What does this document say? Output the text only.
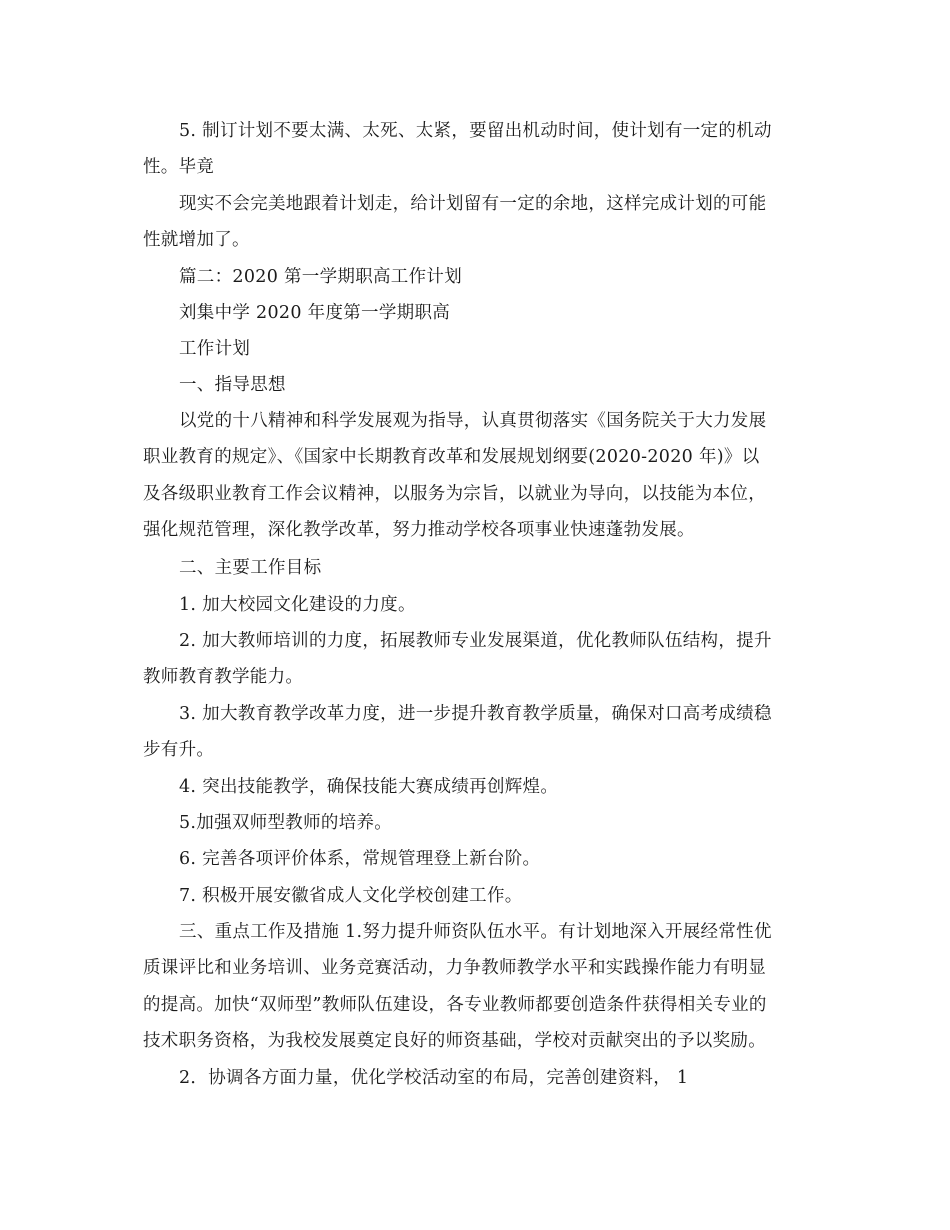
5. 制订计划不要太满、太死、太紧，要留出机动时间，使计划有一定的机动
性。毕竟
现实不会完美地跟着计划走，给计划留有一定的余地，这样完成计划的可能
性就增加了。
篇二：2020 第一学期职高工作计划
刘集中学 2020 年度第一学期职高
工作计划
一、指导思想
以党的十八精神和科学发展观为指导，认真贯彻落实《国务院关于大力发展
职业教育的规定》、《国家中长期教育改革和发展规划纲要(2020-2020 年)》以
及各级职业教育工作会议精神，以服务为宗旨，以就业为导向，以技能为本位，
强化规范管理，深化教学改革，努力推动学校各项事业快速蓬勃发展。
二、主要工作目标
1. 加大校园文化建设的力度。
2. 加大教师培训的力度，拓展教师专业发展渠道，优化教师队伍结构，提升
教师教育教学能力。
3. 加大教育教学改革力度，进一步提升教育教学质量，确保对口高考成绩稳
步有升。
4. 突出技能教学，确保技能大赛成绩再创辉煌。
5.加强双师型教师的培养。
6. 完善各项评价体系，常规管理登上新台阶。
7. 积极开展安徽省成人文化学校创建工作。
三、重点工作及措施 1.努力提升师资队伍水平。有计划地深入开展经常性优
质课评比和业务培训、业务竞赛活动，力争教师教学水平和实践操作能力有明显
的提高。加快“双师型”教师队伍建设，各专业教师都要创造条件获得相关专业的
技术职务资格，为我校发展奠定良好的师资基础，学校对贡献突出的予以奖励。
2．协调各方面力量，优化学校活动室的布局，完善创建资料， 1
